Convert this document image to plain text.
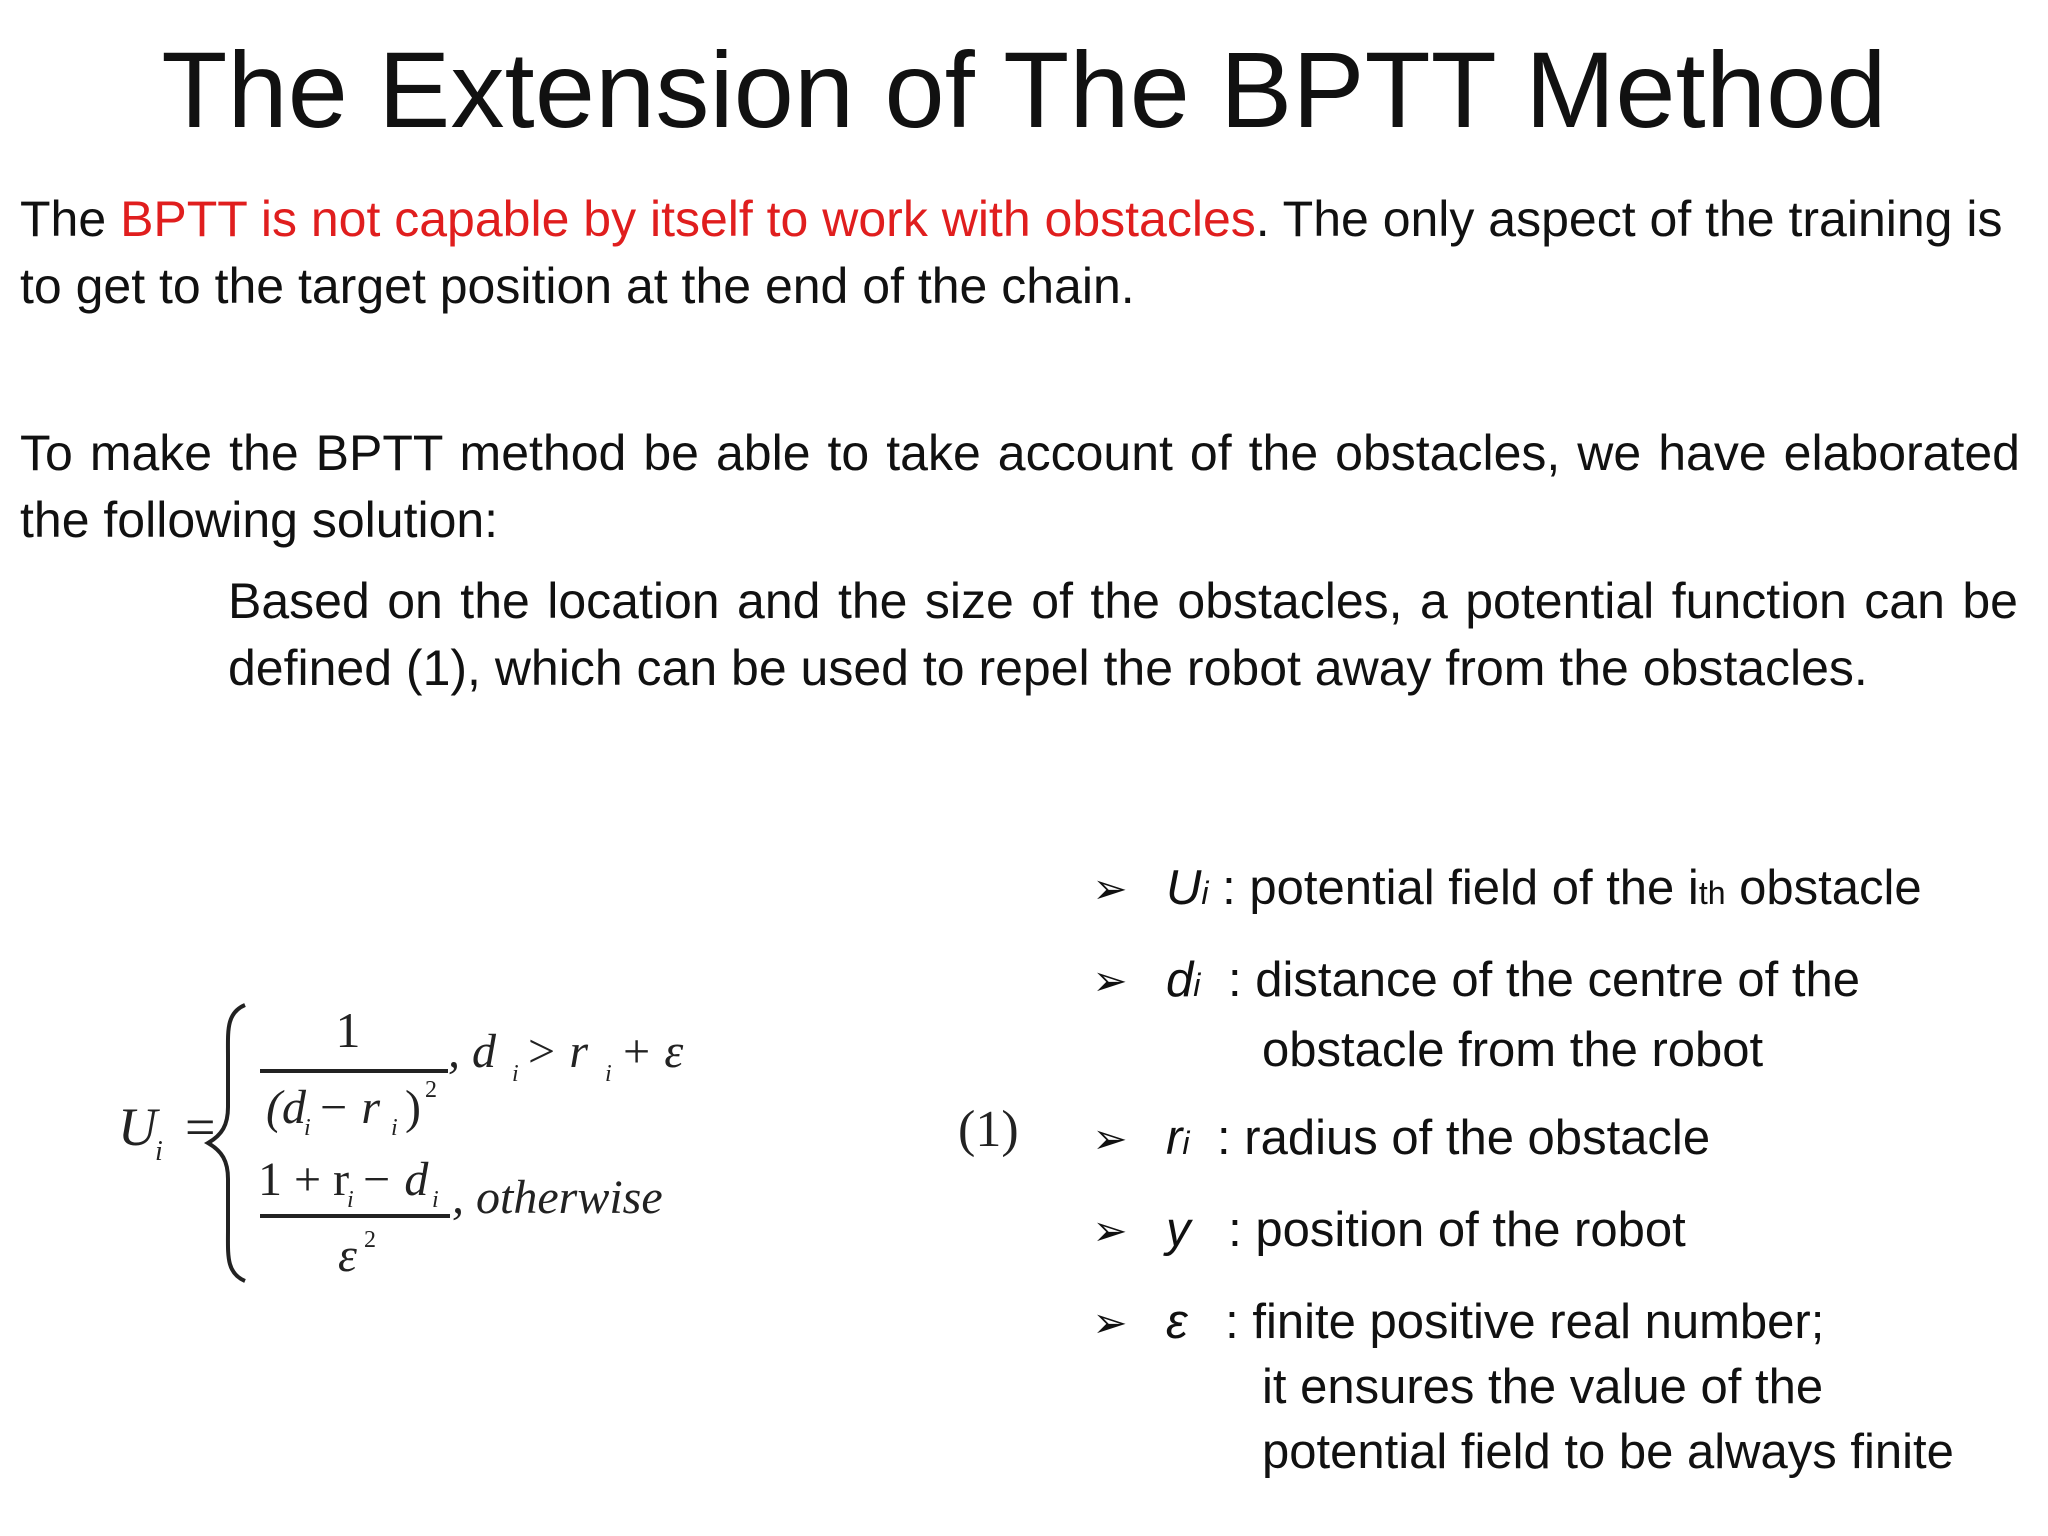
The Extension of The BPTT Method
The BPTT is not capable by itself to work with obstacles. The only aspect of the training is to get to the target position at the end of the chain.
To make the BPTT method be able to take account of the obstacles, we have elaborated the following solution:
Based on the location and the size of the obstacles, a potential function can be defined (1), which can be used to repel the robot away from the obstacles.
U
i =
1
(d
i − r i ) 2
, d i > r i + ε
1 + r
i − d i
ε 2
, otherwise
(1)
➢ Ui : potential field of the ith obstacle
➢ di : distance of the centre of the
obstacle from the robot
➢ ri : radius of the obstacle
➢ y : position of the robot
➢ ε : finite positive real number;
it ensures the value of the
potential field to be always finite
